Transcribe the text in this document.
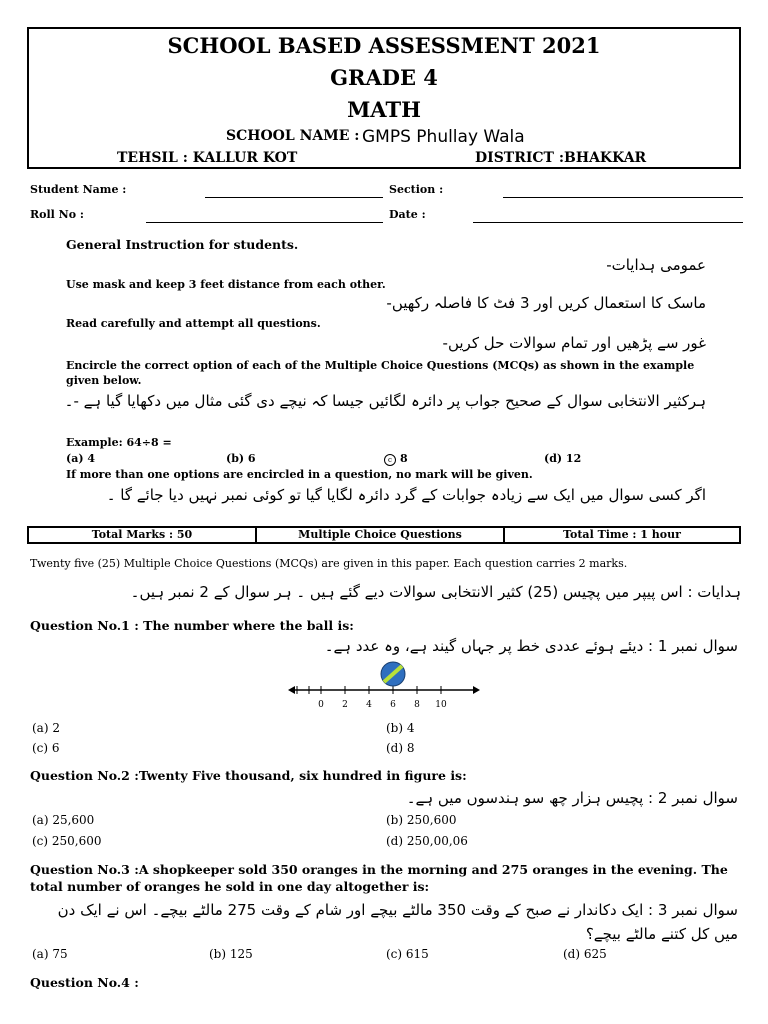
SCHOOL BASED ASSESSMENT 2021
GRADE 4
MATH
SCHOOL NAME : GMPS Phullay Wala
TEHSIL : KALLUR KOT	DISTRICT :BHAKKAR
Student Name :	Section :
Roll No :	Date :
General Instruction for students.
عمومی ہدایات-
Use mask and keep 3 feet distance from each other.
ماسک کا استعمال کریں اور 3 فٹ کا فاصلہ رکھیں-
Read carefully and attempt all questions.
غور سے پڑھیں اور تمام سوالات حل کریں-
Encircle the correct option of each of the Multiple Choice Questions (MCQs) as shown in the example given below.
ہرکثیر الانتخابی سوال کے صحیح جواب پر دائرہ لگائیں جیسا کہ نیچے دی گئی مثال میں دکھایا گیا ہے -۔
Example: 64÷8 =
(a) 4	(b) 6	c 8	(d) 12
If more than one options are encircled in a question, no mark will be given.
اگر کسی سوال میں ایک سے زیادہ جوابات کے گرد دائرہ لگایا گیا تو کوئی نمبر نہیں دیا جائے گا ۔
Total Marks : 50	Multiple Choice Questions	Total Time : 1 hour
Twenty five (25) Multiple Choice Questions (MCQs) are given in this paper. Each question carries 2 marks.
ہدایات : اس پیپر میں پچیس (25) کثیر الانتخابی سوالات دیے گئے ہیں ۔ ہر سوال کے 2 نمبر ہیں۔
Question No.1 : The number where the ball is:
سوال نمبر 1 : دیئے ہوئے عددی خط پر جہاں گیند ہے، وہ عدد ہے۔
0 2 4 6 8 10
(a) 2	(b) 4
(c) 6	(d) 8
Question No.2 :Twenty Five thousand, six hundred in figure is:
سوال نمبر 2 : پچیس ہزار چھ سو ہندسوں میں ہے۔
(a) 25,600	(b) 250,600
(c) 250,600	(d) 250,00,06
Question No.3 :A shopkeeper sold 350 oranges in the morning and 275 oranges in the evening. The total number of oranges he sold in one day altogether is:
سوال نمبر 3 : ایک دکاندار نے صبح کے وقت 350 مالٹے بیچے اور شام کے وقت 275 مالٹے بیچے۔ اس نے ایک دن میں کل کتنے مالٹے بیچے؟
(a) 75	(b) 125	(c) 615	(d) 625
Question No.4 :
